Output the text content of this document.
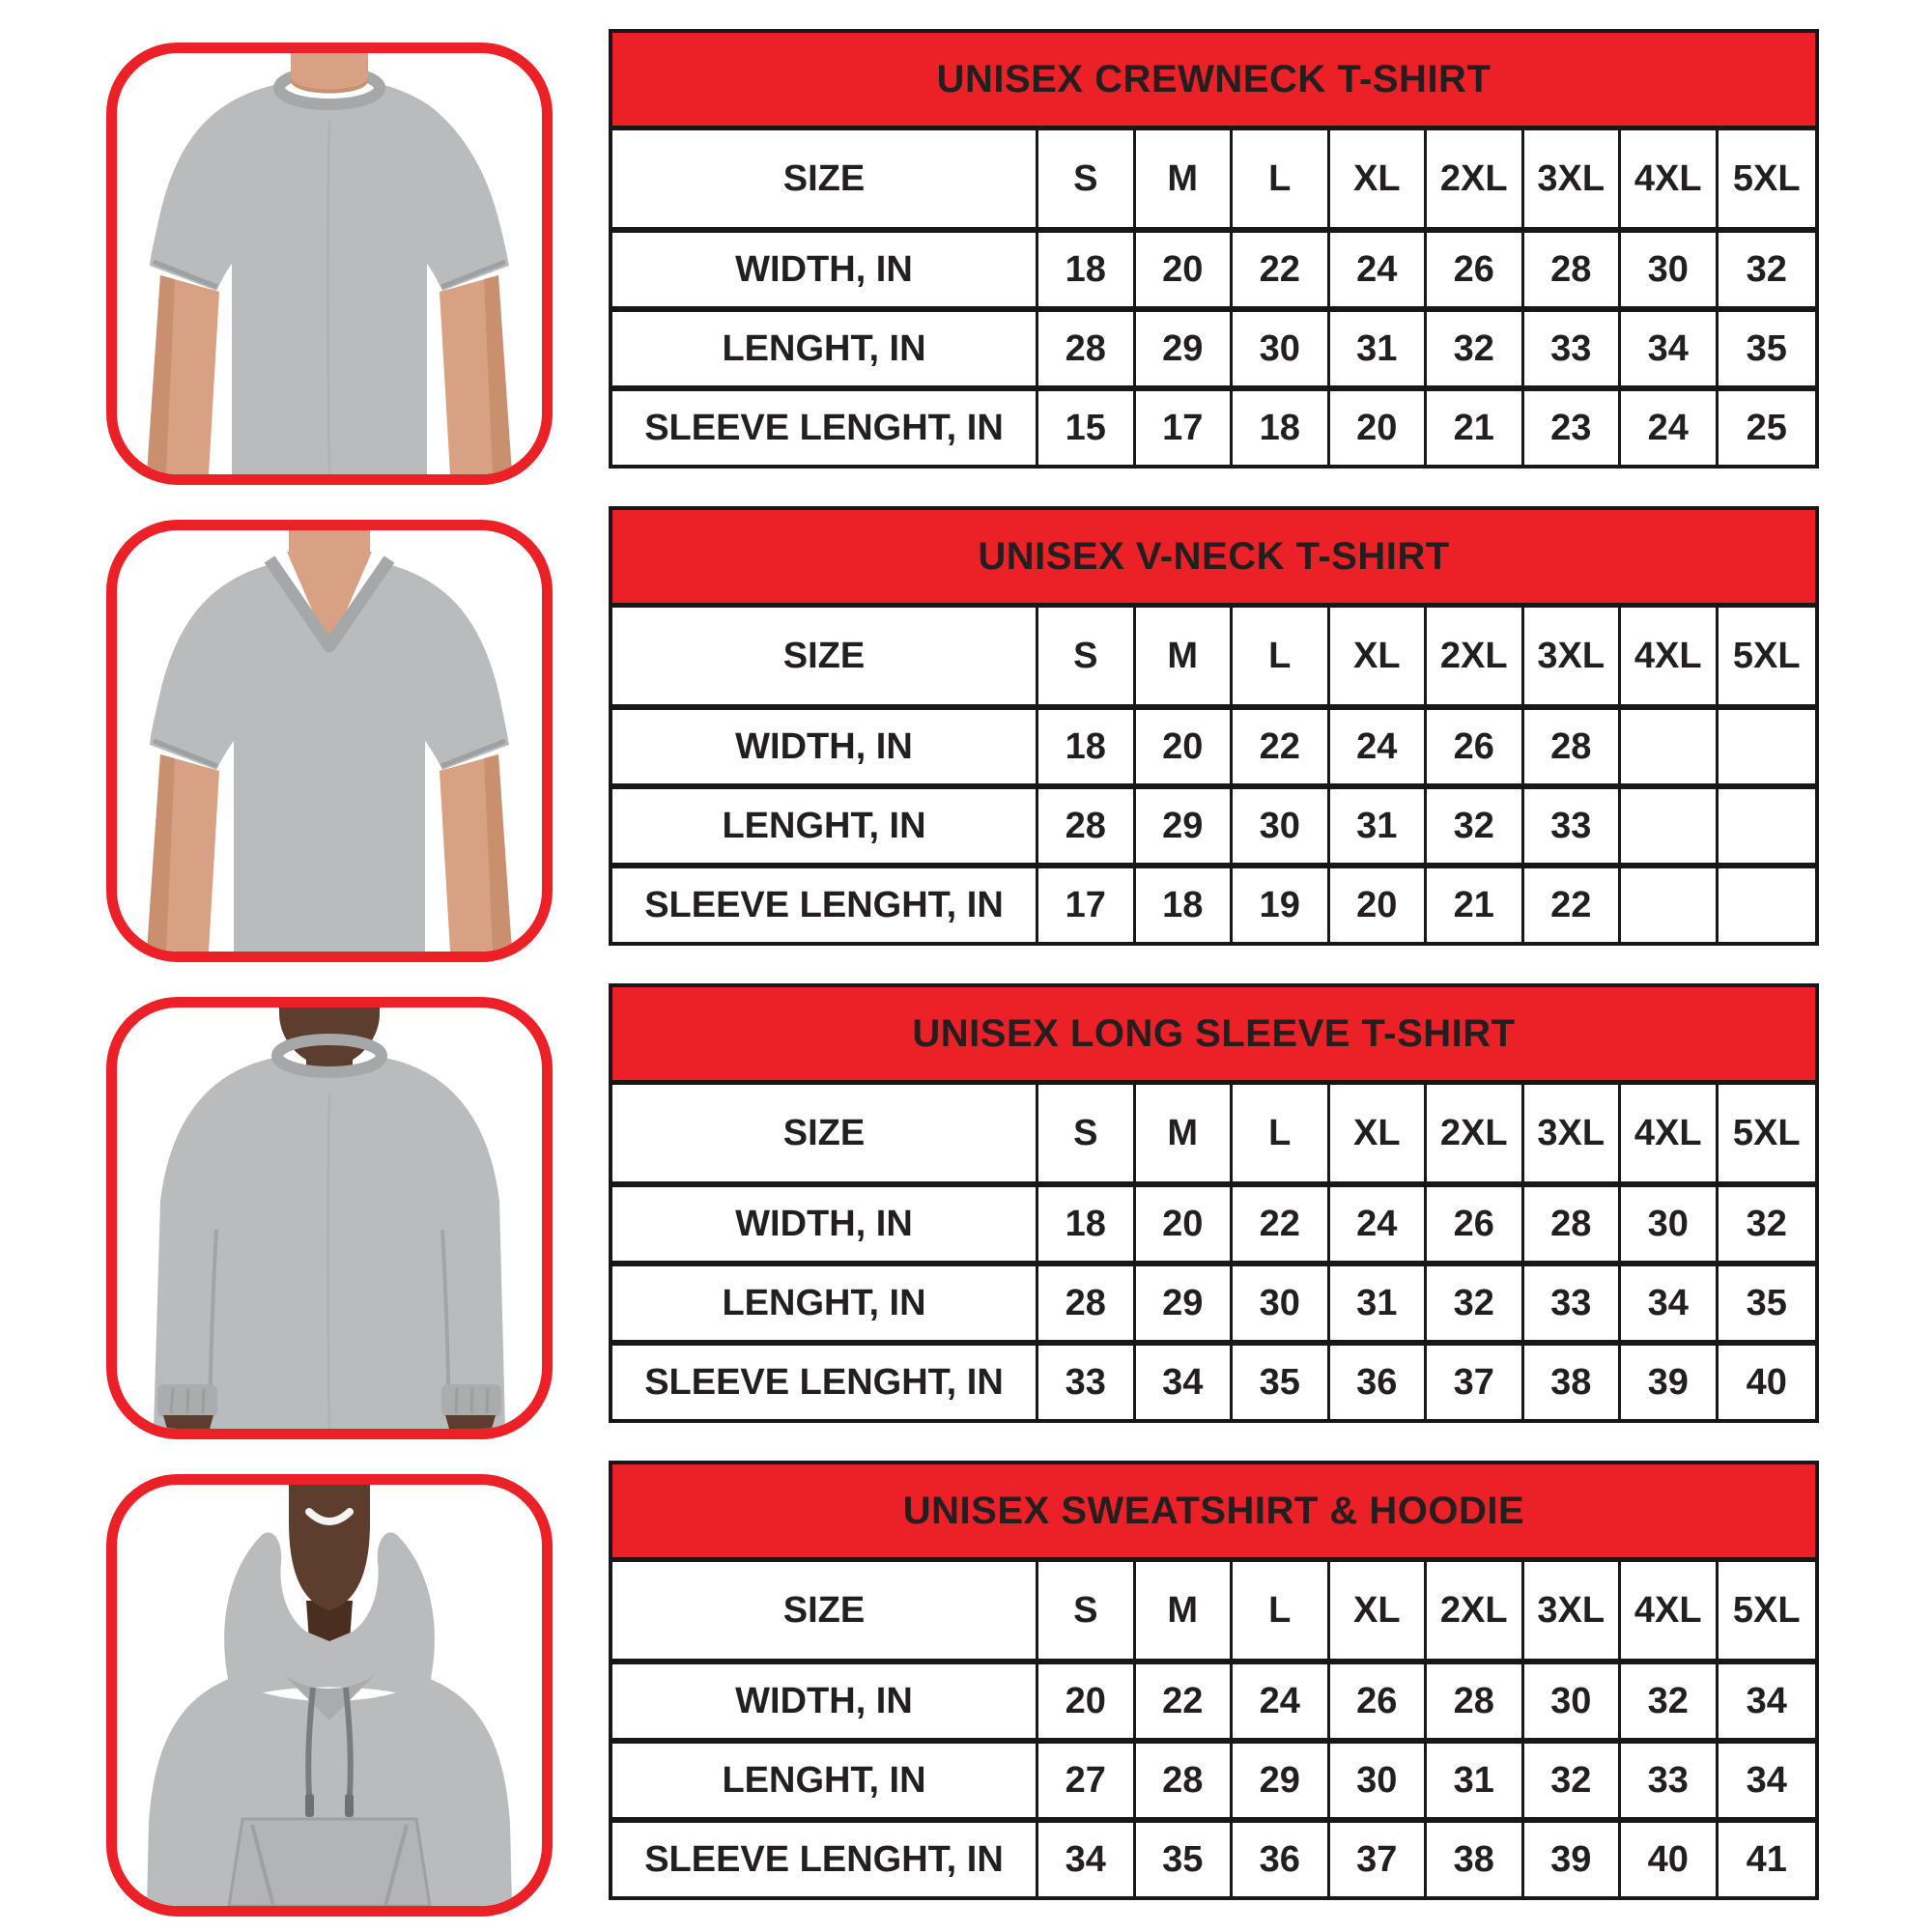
UNISEX CREWNECK T-SHIRT
SIZE	S	M	L	XL	2XL 3XL 4XL 5XL
WIDTH, IN	18	20	22	24	26	28	30	32
LENGHT, IN	28	29	30	31	32	33	34	35
SLEEVE LENGHT, IN	15	17	18	20	21	23	24	25
UNISEX V-NECK T-SHIRT
SIZE	S	M	L	XL	2XL 3XL 4XL 5XL
WIDTH, IN	18	20	22	24	26	28
LENGHT, IN	28	29	30	31	32	33
SLEEVE LENGHT, IN	17	18	19	20	21	22
UNISEX LONG SLEEVE T-SHIRT
SIZE	S	M	L	XL	2XL 3XL 4XL 5XL
WIDTH, IN	18	20	22	24	26	28	30	32
LENGHT, IN	28	29	30	31	32	33	34	35
SLEEVE LENGHT, IN	33	34	35	36	37	38	39	40
UNISEX SWEATSHIRT & HOODIE
SIZE	S	M	L	XL	2XL 3XL 4XL 5XL
WIDTH, IN	20	22	24	26	28	30	32	34
LENGHT, IN	27	28	29	30	31	32	33	34
SLEEVE LENGHT, IN	34	35	36	37	38	39	40	41
